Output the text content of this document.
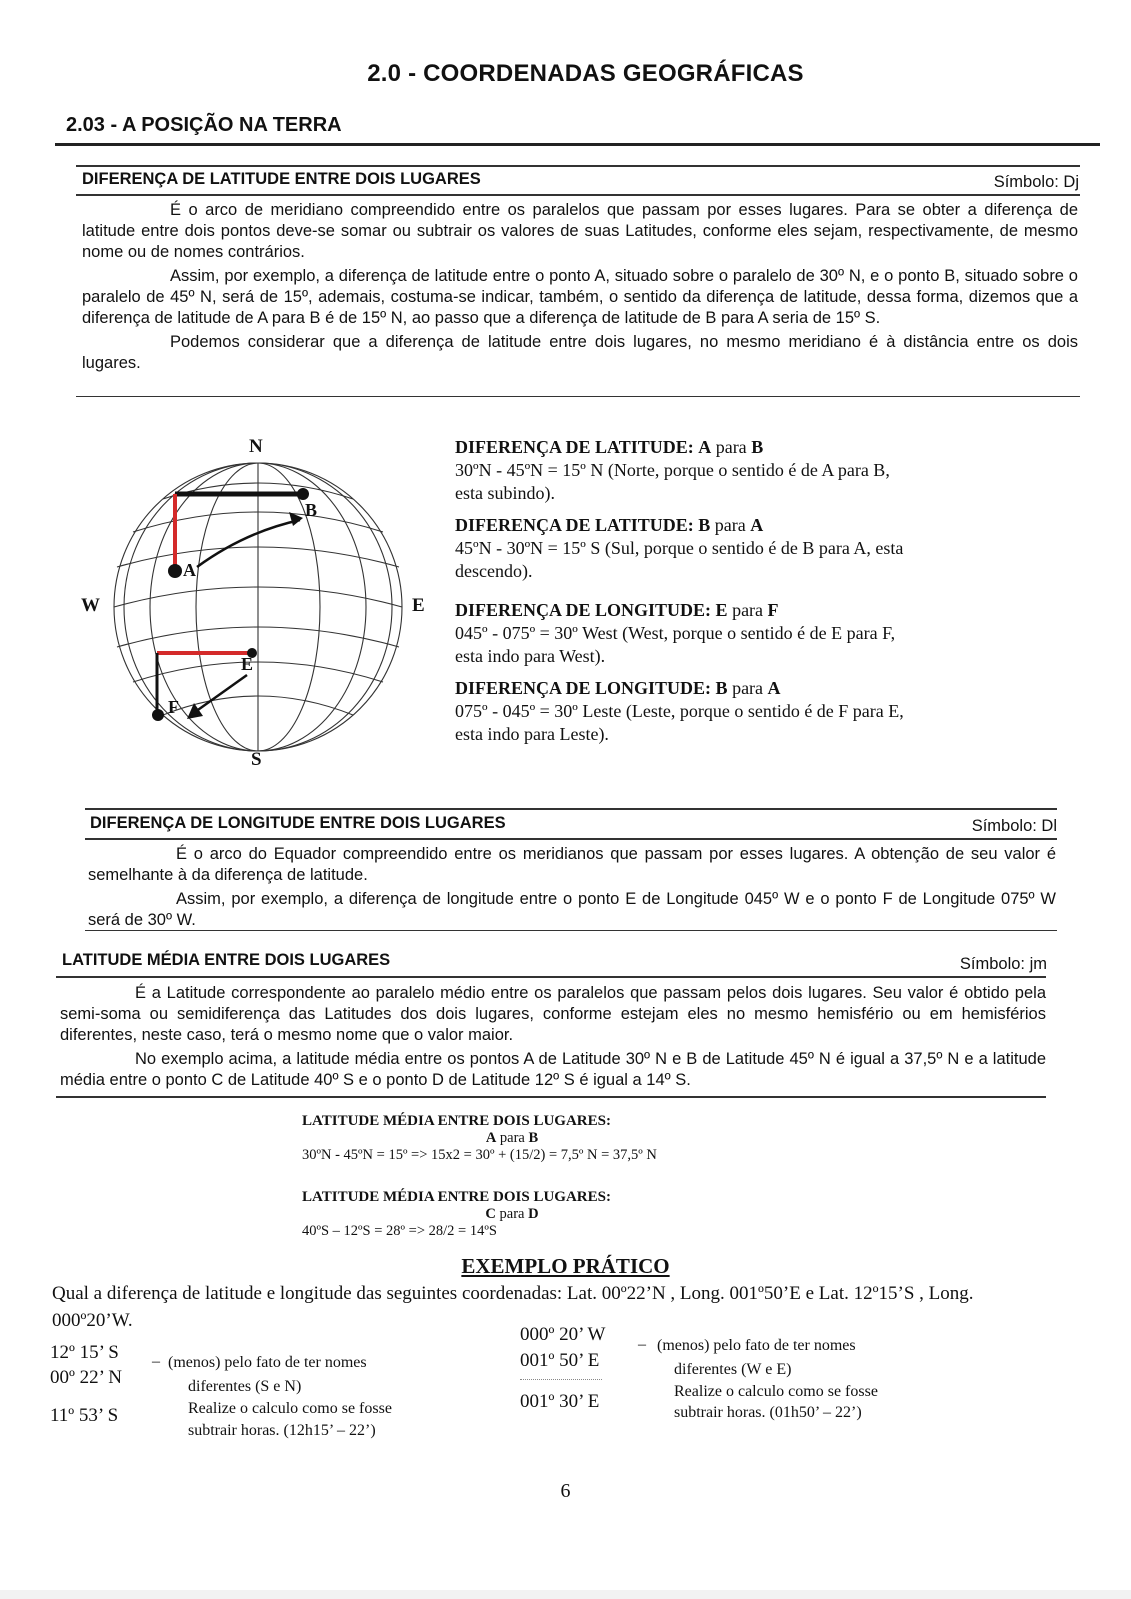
2.0 - COORDENADAS GEOGRÁFICAS
2.03 - A POSIÇÃO NA TERRA
DIFERENÇA DE LATITUDE ENTRE DOIS LUGARES	Símbolo: Dj

É o arco de meridiano compreendido entre os paralelos que passam por esses lugares. Para se obter a diferença de latitude entre dois pontos deve-se somar ou subtrair os valores de suas Latitudes, conforme eles sejam, respectivamente, de mesmo nome ou de nomes contrários.

Assim, por exemplo, a diferença de latitude entre o ponto A, situado sobre o paralelo de 30º N, e o ponto B, situado sobre o paralelo de 45º N, será de 15º, ademais, costuma-se indicar, também, o sentido da diferença de latitude, dessa forma, dizemos que a diferença de latitude de A para B é de 15º N, ao passo que a diferença de latitude de B para A seria de 15º S.

Podemos considerar que a diferença de latitude entre dois lugares, no mesmo meridiano é à distância entre os dois lugares.

N
S
W	E
A
B
E
F

DIFERENÇA DE LATITUDE: A para B
30ºN - 45ºN = 15º N (Norte, porque o sentido é de A para B, esta subindo).

DIFERENÇA DE LATITUDE: B para A
45ºN - 30ºN = 15º S (Sul, porque o sentido é de B para A, esta descendo).

DIFERENÇA DE LONGITUDE: E para F
045º - 075º = 30º West (West, porque o sentido é de E para F, esta indo para West).

DIFERENÇA DE LONGITUDE: B para A
075º - 045º = 30º Leste (Leste, porque o sentido é de F para E, esta indo para Leste).

DIFERENÇA DE LONGITUDE ENTRE DOIS LUGARES	Símbolo: Dl

É o arco do Equador compreendido entre os meridianos que passam por esses lugares. A obtenção de seu valor é semelhante à da diferença de latitude.

Assim, por exemplo, a diferença de longitude entre o ponto E de Longitude 045º W e o ponto F de Longitude 075º W será de 30º W.

LATITUDE MÉDIA ENTRE DOIS LUGARES	Símbolo: jm

É a Latitude correspondente ao paralelo médio entre os paralelos que passam pelos dois lugares. Seu valor é obtido pela semi-soma ou semidiferença das Latitudes dos dois lugares, conforme estejam eles no mesmo hemisfério ou em hemisférios diferentes, neste caso, terá o mesmo nome que o valor maior.

No exemplo acima, a latitude média entre os pontos A de Latitude 30º N e B de Latitude 45º N é igual a 37,5º N e a latitude média entre o ponto C de Latitude 40º S e o ponto D de Latitude 12º S é igual a 14º S.

LATITUDE MÉDIA ENTRE DOIS LUGARES:
A para B
30ºN - 45ºN = 15º => 15x2 = 30º + (15/2) = 7,5º N = 37,5º N
LATITUDE MÉDIA ENTRE DOIS LUGARES:
C para D
40ºS – 12ºS = 28º => 28/2 = 14ºS
EXEMPLO PRÁTICO
Qual a diferença de latitude e longitude das seguintes coordenadas: Lat. 00º22’N , Long. 001º50’E e Lat. 12º15’S , Long. 000º20’W.
12º 15’ S
00º 22’ N
11º 53’ S
– (menos) pelo fato de ter nomes
diferentes (S e N)
Realize o calculo como se fosse
subtrair horas. (12h15’ – 22’)
000º 20’ W
001º 50’ E
001º 30’ E
– (menos) pelo fato de ter nomes
diferentes (W e E)
Realize o calculo como se fosse
subtrair horas. (01h50’ – 22’)
6
